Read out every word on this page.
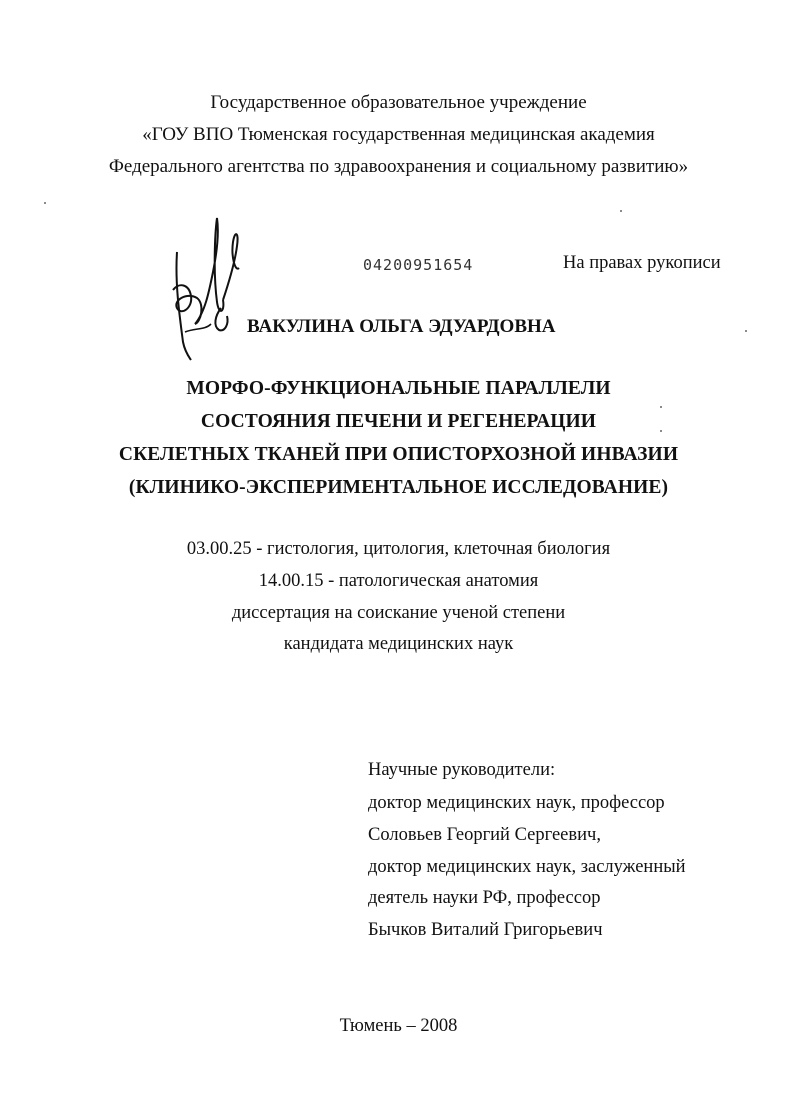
Государственное образовательное учреждение
«ГОУ ВПО Тюменская государственная медицинская академия
Федерального агентства по здравоохранения и социальному развитию»
04200951654	На правах рукописи
ВАКУЛИНА ОЛЬГА ЭДУАРДОВНА
МОРФО-ФУНКЦИОНАЛЬНЫЕ ПАРАЛЛЕЛИ
СОСТОЯНИЯ ПЕЧЕНИ И РЕГЕНЕРАЦИИ
СКЕЛЕТНЫХ ТКАНЕЙ ПРИ ОПИСТОРХОЗНОЙ ИНВАЗИИ
(КЛИНИКО-ЭКСПЕРИМЕНТАЛЬНОЕ ИССЛЕДОВАНИЕ)
03.00.25 - гистология, цитология, клеточная биология
14.00.15 - патологическая анатомия
диссертация на соискание ученой степени
кандидата медицинских наук
Научные руководители:
доктор медицинских наук, профессор
Соловьев Георгий Сергеевич,
доктор медицинских наук, заслуженный
деятель науки РФ, профессор
Бычков Виталий Григорьевич
Тюмень – 2008
